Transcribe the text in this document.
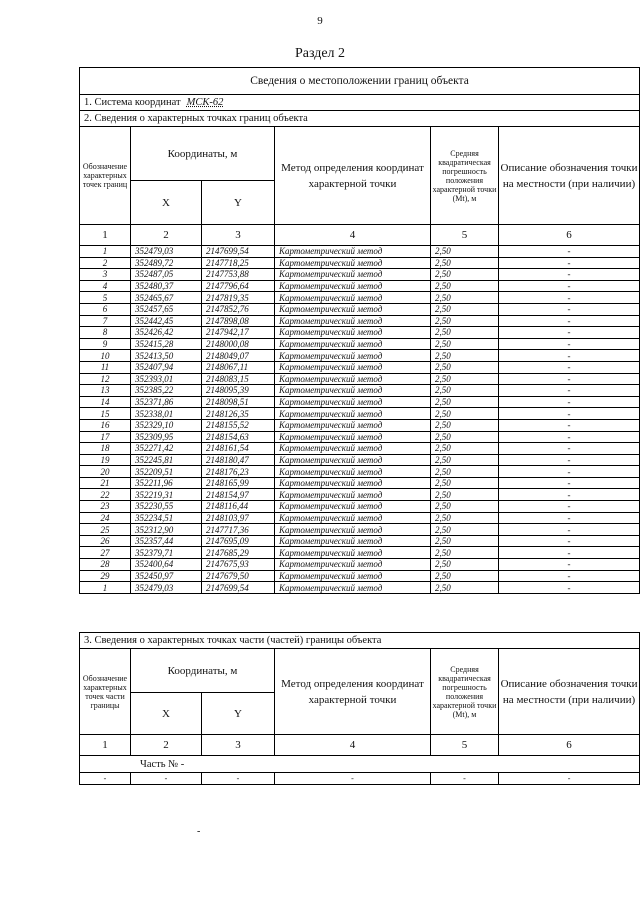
9
Раздел 2
Сведения о местоположении границ объекта					
1. Система координат МСК-62					
2. Сведения о характерных точках границ объекта					
Обозначение характерных точек границ	Координаты, м		Метод определения координат характерной точки	Средняя квадратическая погрешность положения характерной точки (Mt), м	Описание обозначения точки на местности (при наличии)
	X	Y			
1	2	3	4	5	6
1	352479,03	2147699,54	Картометрический метод	2,50	-
2	352489,72	2147718,25	Картометрический метод	2,50	-
3	352487,05	2147753,88	Картометрический метод	2,50	-
4	352480,37	2147796,64	Картометрический метод	2,50	-
5	352465,67	2147819,35	Картометрический метод	2,50	-
6	352457,65	2147852,76	Картометрический метод	2,50	-
7	352442,45	2147898,08	Картометрический метод	2,50	-
8	352426,42	2147942,17	Картометрический метод	2,50	-
9	352415,28	2148000,08	Картометрический метод	2,50	-
10	352413,50	2148049,07	Картометрический метод	2,50	-
11	352407,94	2148067,11	Картометрический метод	2,50	-
12	352393,01	2148083,15	Картометрический метод	2,50	-
13	352385,22	2148095,39	Картометрический метод	2,50	-
14	352371,86	2148098,51	Картометрический метод	2,50	-
15	352338,01	2148126,35	Картометрический метод	2,50	-
16	352329,10	2148155,52	Картометрический метод	2,50	-
17	352309,95	2148154,63	Картометрический метод	2,50	-
18	352271,42	2148161,54	Картометрический метод	2,50	-
19	352245,81	2148180,47	Картометрический метод	2,50	-
20	352209,51	2148176,23	Картометрический метод	2,50	-
21	352211,96	2148165,99	Картометрический метод	2,50	-
22	352219,31	2148154,97	Картометрический метод	2,50	-
23	352230,55	2148116,44	Картометрический метод	2,50	-
24	352234,51	2148103,97	Картометрический метод	2,50	-
25	352312,90	2147717,36	Картометрический метод	2,50	-
26	352357,44	2147695,09	Картометрический метод	2,50	-
27	352379,71	2147685,29	Картометрический метод	2,50	-
28	352400,64	2147675,93	Картометрический метод	2,50	-
29	352450,97	2147679,50	Картометрический метод	2,50	-
1	352479,03	2147699,54	Картометрический метод	2,50	-
3. Сведения о характерных точках части (частей) границы объекта					
Обозначение характерных точек части границы	Координаты, м		Метод определения координат характерной точки	Средняя квадратическая погрешность положения характерной точки (Mt), м	Описание обозначения точки на местности (при наличии)
	X	Y			
1	2	3	4	5	6
Часть № -					
-	-	-	-	-	-
-
